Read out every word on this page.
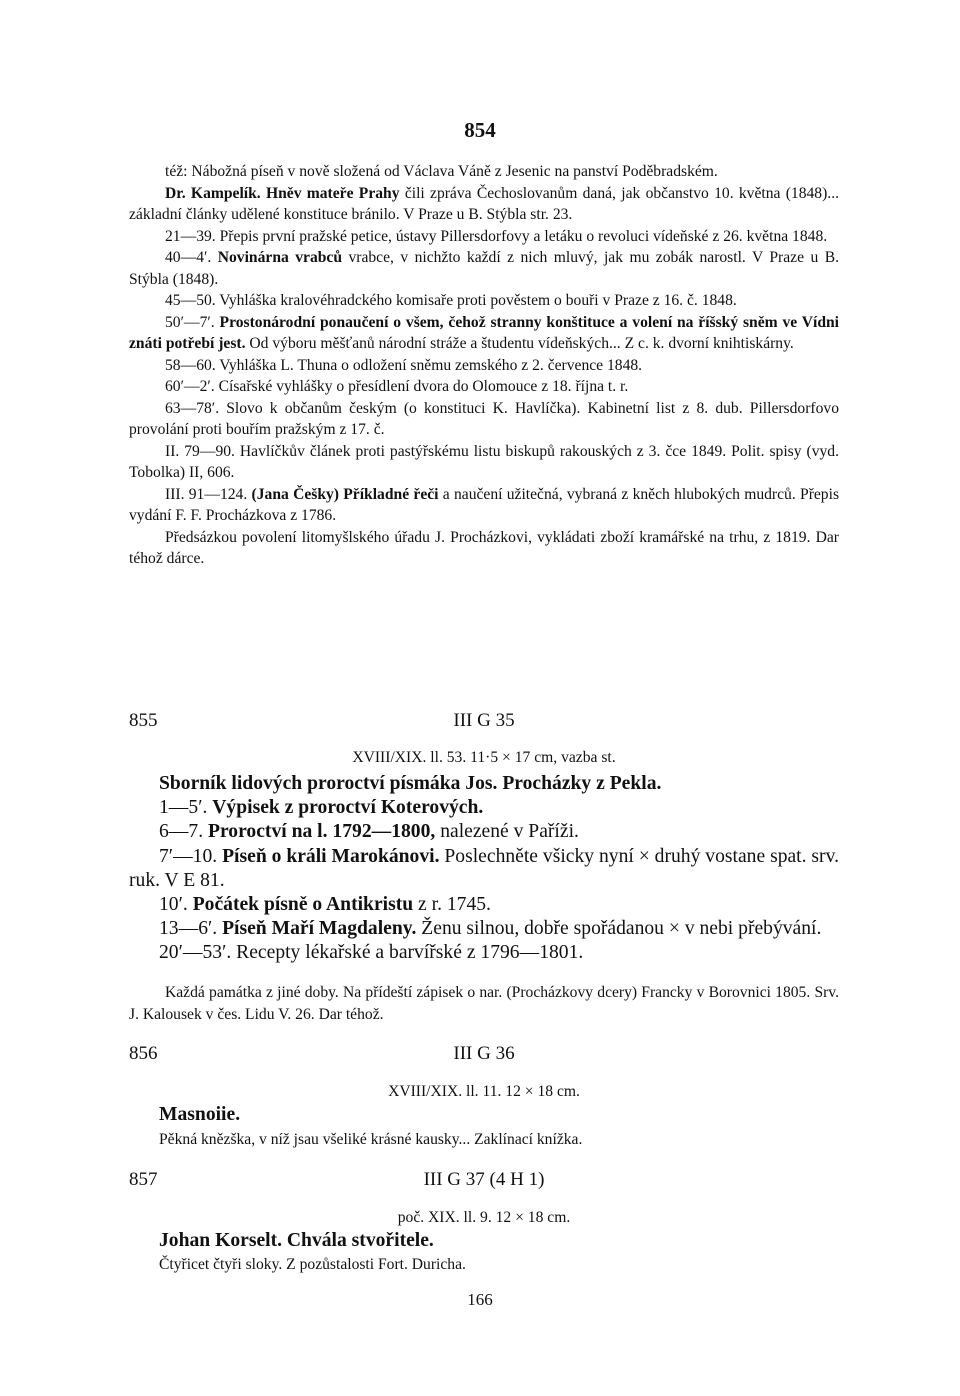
854

též: Nábožná píseň v nově složená od Václava Váně z Jesenic na panství Poděbradském.

Dr. Kampelík. Hněv mateře Prahy čili zpráva Čechoslovanům daná, jak občanstvo 10. května (1848)... základní články udělené konstituce bránilo. V Praze u B. Stýbla str. 23.

21—39. Přepis první pražské petice, ústavy Pillersdorfovy a letáku o revoluci vídeňské z 26. května 1848.

40—4′. Novinárna vrabců vrabce, v nichžto každí z nich mluvý, jak mu zobák narostl. V Praze u B. Stýbla (1848).

45—50. Vyhláška kralovéhradckého komisaře proti pověstem o bouři v Praze z 16. č. 1848.

50′—7′. Prostonárodní ponaučení o všem, čehož stranny konštituce a volení na říšský sněm ve Vídni znáti potřebí jest. Od výboru měšťanů národní stráže a študentu vídeňských... Z c. k. dvorní knihtiskárny.

58—60. Vyhláška L. Thuna o odložení sněmu zemského z 2. července 1848.

60′—2′. Císařské vyhlášky o přesídlení dvora do Olomouce z 18. října t. r.

63—78′. Slovo k občanům českým (o konstituci K. Havlíčka). Kabinetní list z 8. dub. Pillersdorfovo provolání proti bouřím pražským z 17. č.

II. 79—90. Havlíčkův článek proti pastýřskému listu biskupů rakouských z 3. čce 1849. Polit. spisy (vyd. Tobolka) II, 606.

III. 91—124. (Jana Češky) Příkladné řeči a naučení užitečná, vybraná z kněch hlubokých mudrců. Přepis vydání F. F. Procházkova z 1786.

Předsázkou povolení litomyšlského úřadu J. Procházkovi, vykládati zboží kramářské na trhu, z 1819. Dar téhož dárce.

855	III G 35
XVIII/XIX. ll. 53. 11·5 × 17 cm, vazba st.

Sborník lidových proroctví písmáka Jos. Procházky z Pekla.

1—5′. Výpisek z proroctví Koterových.

6—7. Proroctví na l. 1792—1800, nalezené v Paříži.

7′—10. Píseň o králi Marokánovi. Poslechněte všicky nyní × druhý vostane spat. srv. ruk. V E 81.

10′. Počátek písně o Antikristu z r. 1745.

13—6′. Píseň Maří Magdaleny. Ženu silnou, dobře spořádanou × v nebi přebývání.

20′—53′. Recepty lékařské a barvířské z 1796—1801.

Každá památka z jiné doby. Na přídeští zápisek o nar. (Procházkovy dcery) Francky v Borovnici 1805. Srv. J. Kalousek v čes. Lidu V. 26. Dar téhož.

856	III G 36
XVIII/XIX. ll. 11. 12 × 18 cm.
Masnoiie.
Pěkná knězška, v níž jsau všeliké krásné kausky... Zaklínací knížka.
857	III G 37 (4 H 1)
poč. XIX. ll. 9. 12 × 18 cm.
Johan Korselt. Chvála stvořitele.
Čtyřicet čtyři sloky. Z pozůstalosti Fort. Duricha.
166
